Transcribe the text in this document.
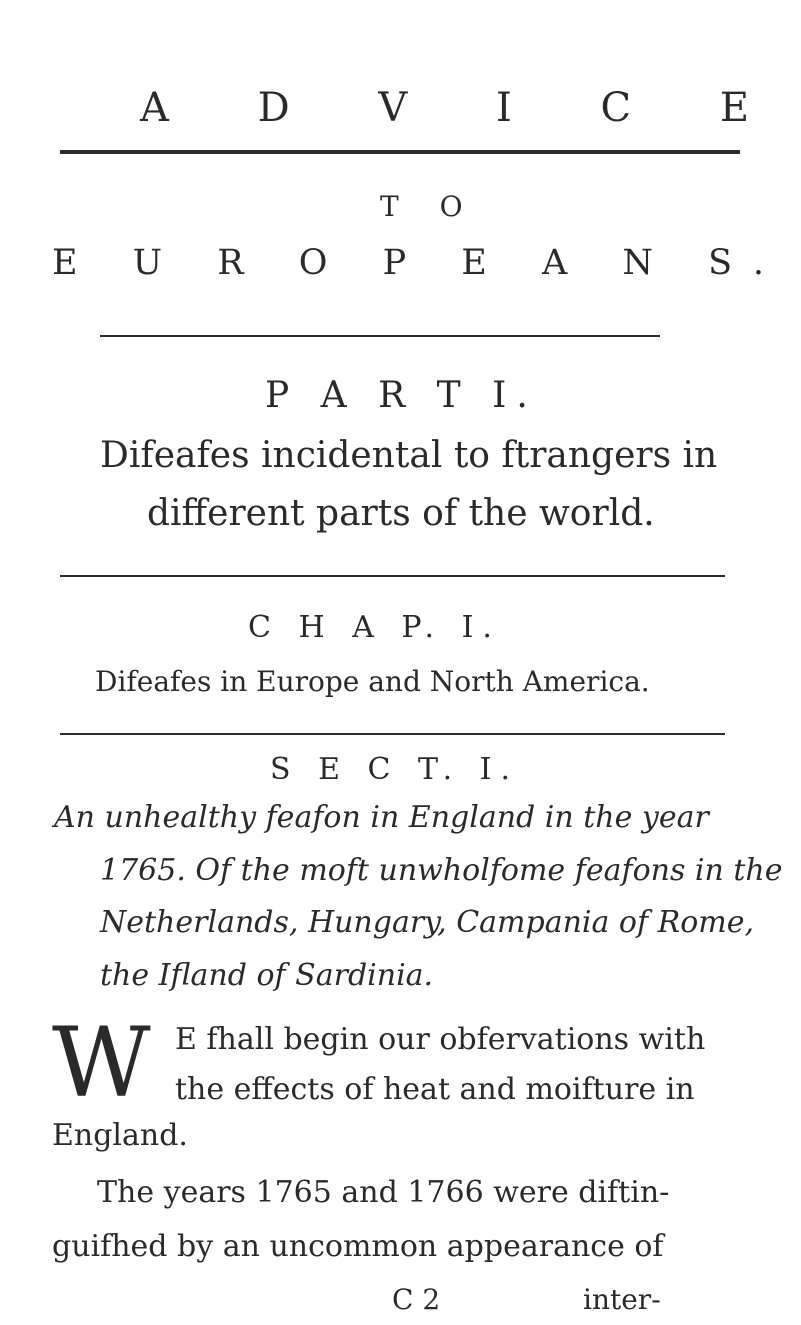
A D V I C E
T O
E U R O P E A N S.
P A R T I.
Difeafes incidental to ftrangers in
different parts of the world.
C H A P. I.
Difeafes in Europe and North America.
S E C T. I.
An unhealthy feafon in England in the year
1765. Of the moft unwholfome feafons in the
Netherlands, Hungary, Campania of Rome,
the Ifland of Sardinia.
W E fhall begin our obfervations with
the effects of heat and moifture in
England.
The years 1765 and 1766 were diftin-
guifhed by an uncommon appearance of
C 2	inter-
